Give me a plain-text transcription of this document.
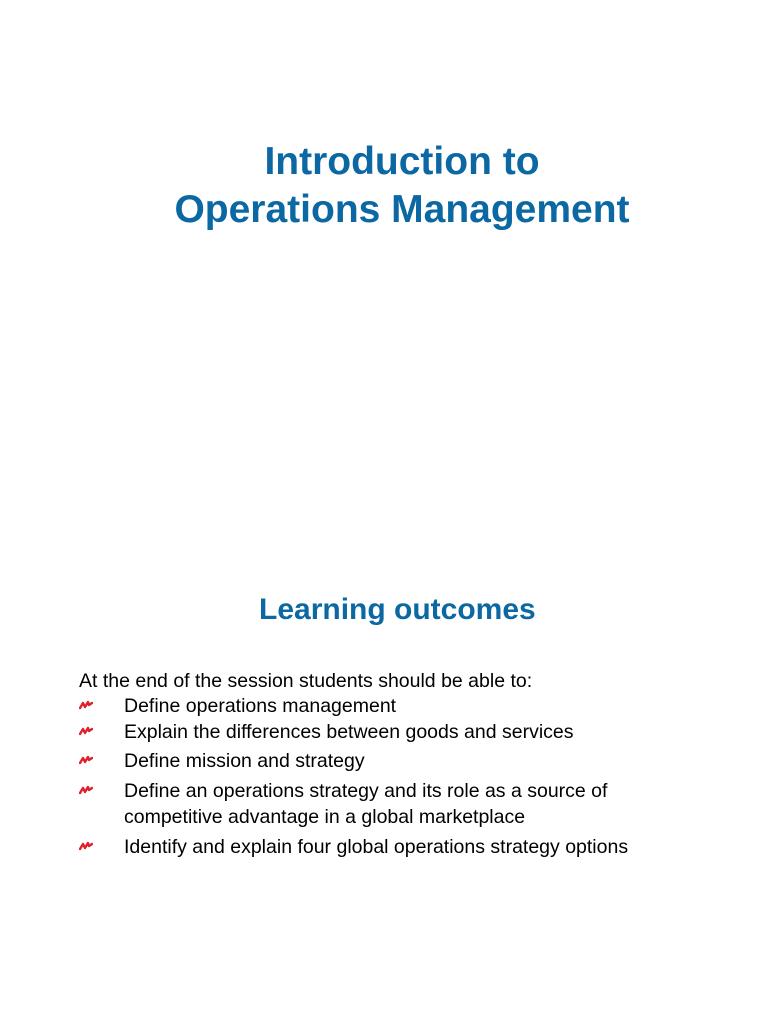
Introduction to
Operations Management
Learning outcomes
At the end of the session students should be able to:
Define operations management
Explain the differences between goods and services
Define mission and strategy
Define an operations strategy and its role as a source of
competitive advantage in a global marketplace
Identify and explain four global operations strategy options
